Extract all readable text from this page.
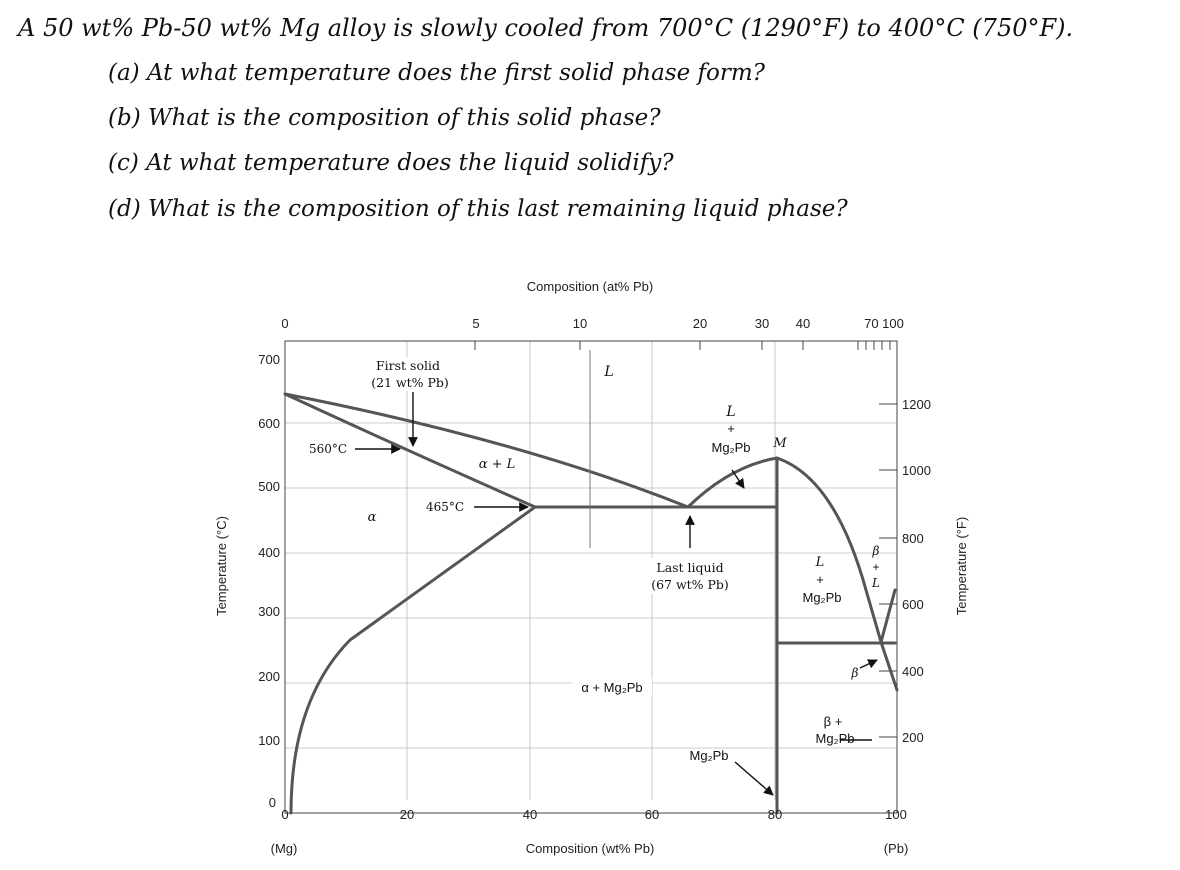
A 50 wt% Pb-50 wt% Mg alloy is slowly cooled from 700°C (1290°F) to 400°C (750°F).
(a) At what temperature does the first solid phase form?
(b) What is the composition of this solid phase?
(c) At what temperature does the liquid solidify?
(d) What is the composition of this last remaining liquid phase?
Composition (at% Pb)
Composition (wt% Pb)
Temperature (°C)	Temperature (°F)
(Mg)	(Pb)
0	5	10	20	30 40	70 100
0	20	40	60	80	100
0
100
200
300
400
500
600
700
200
400
600
800
1000
1200
First solid
(21 wt% Pb)
560°C
465°C
α
α + L
L
L
+
Mg₂Pb M
Last liquid
(67 wt% Pb)
L
+
Mg₂Pb
β
+
L
β
α + Mg₂Pb
Mg₂Pb
β +
Mg₂Pb
